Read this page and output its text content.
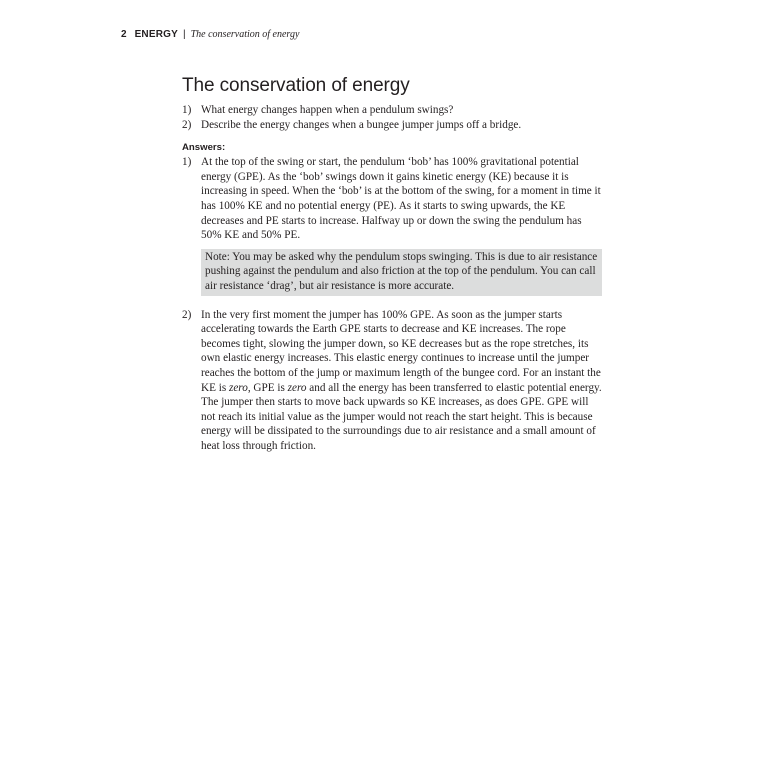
2 ENERGY | The conservation of energy
The conservation of energy
1) What energy changes happen when a pendulum swings?
2) Describe the energy changes when a bungee jumper jumps off a bridge.
Answers:
1) At the top of the swing or start, the pendulum ‘bob’ has 100% gravitational potential energy (GPE). As the ‘bob’ swings down it gains kinetic energy (KE) because it is increasing in speed. When the ‘bob’ is at the bottom of the swing, for a moment in time it has 100% KE and no potential energy (PE). As it starts to swing upwards, the KE decreases and PE starts to increase. Halfway up or down the swing the pendulum has 50% KE and 50% PE.
Note: You may be asked why the pendulum stops swinging. This is due to air resistance pushing against the pendulum and also friction at the top of the pendulum. You can call air resistance ‘drag’, but air resistance is more accurate.
2) In the very first moment the jumper has 100% GPE. As soon as the jumper starts accelerating towards the Earth GPE starts to decrease and KE increases. The rope becomes tight, slowing the jumper down, so KE decreases but as the rope stretches, its own elastic energy increases. This elastic energy continues to increase until the jumper reaches the bottom of the jump or maximum length of the bungee cord. For an instant the KE is zero, GPE is zero and all the energy has been transferred to elastic potential energy. The jumper then starts to move back upwards so KE increases, as does GPE. GPE will not reach its initial value as the jumper would not reach the start height. This is because energy will be dissipated to the surroundings due to air resistance and a small amount of heat loss through friction.
